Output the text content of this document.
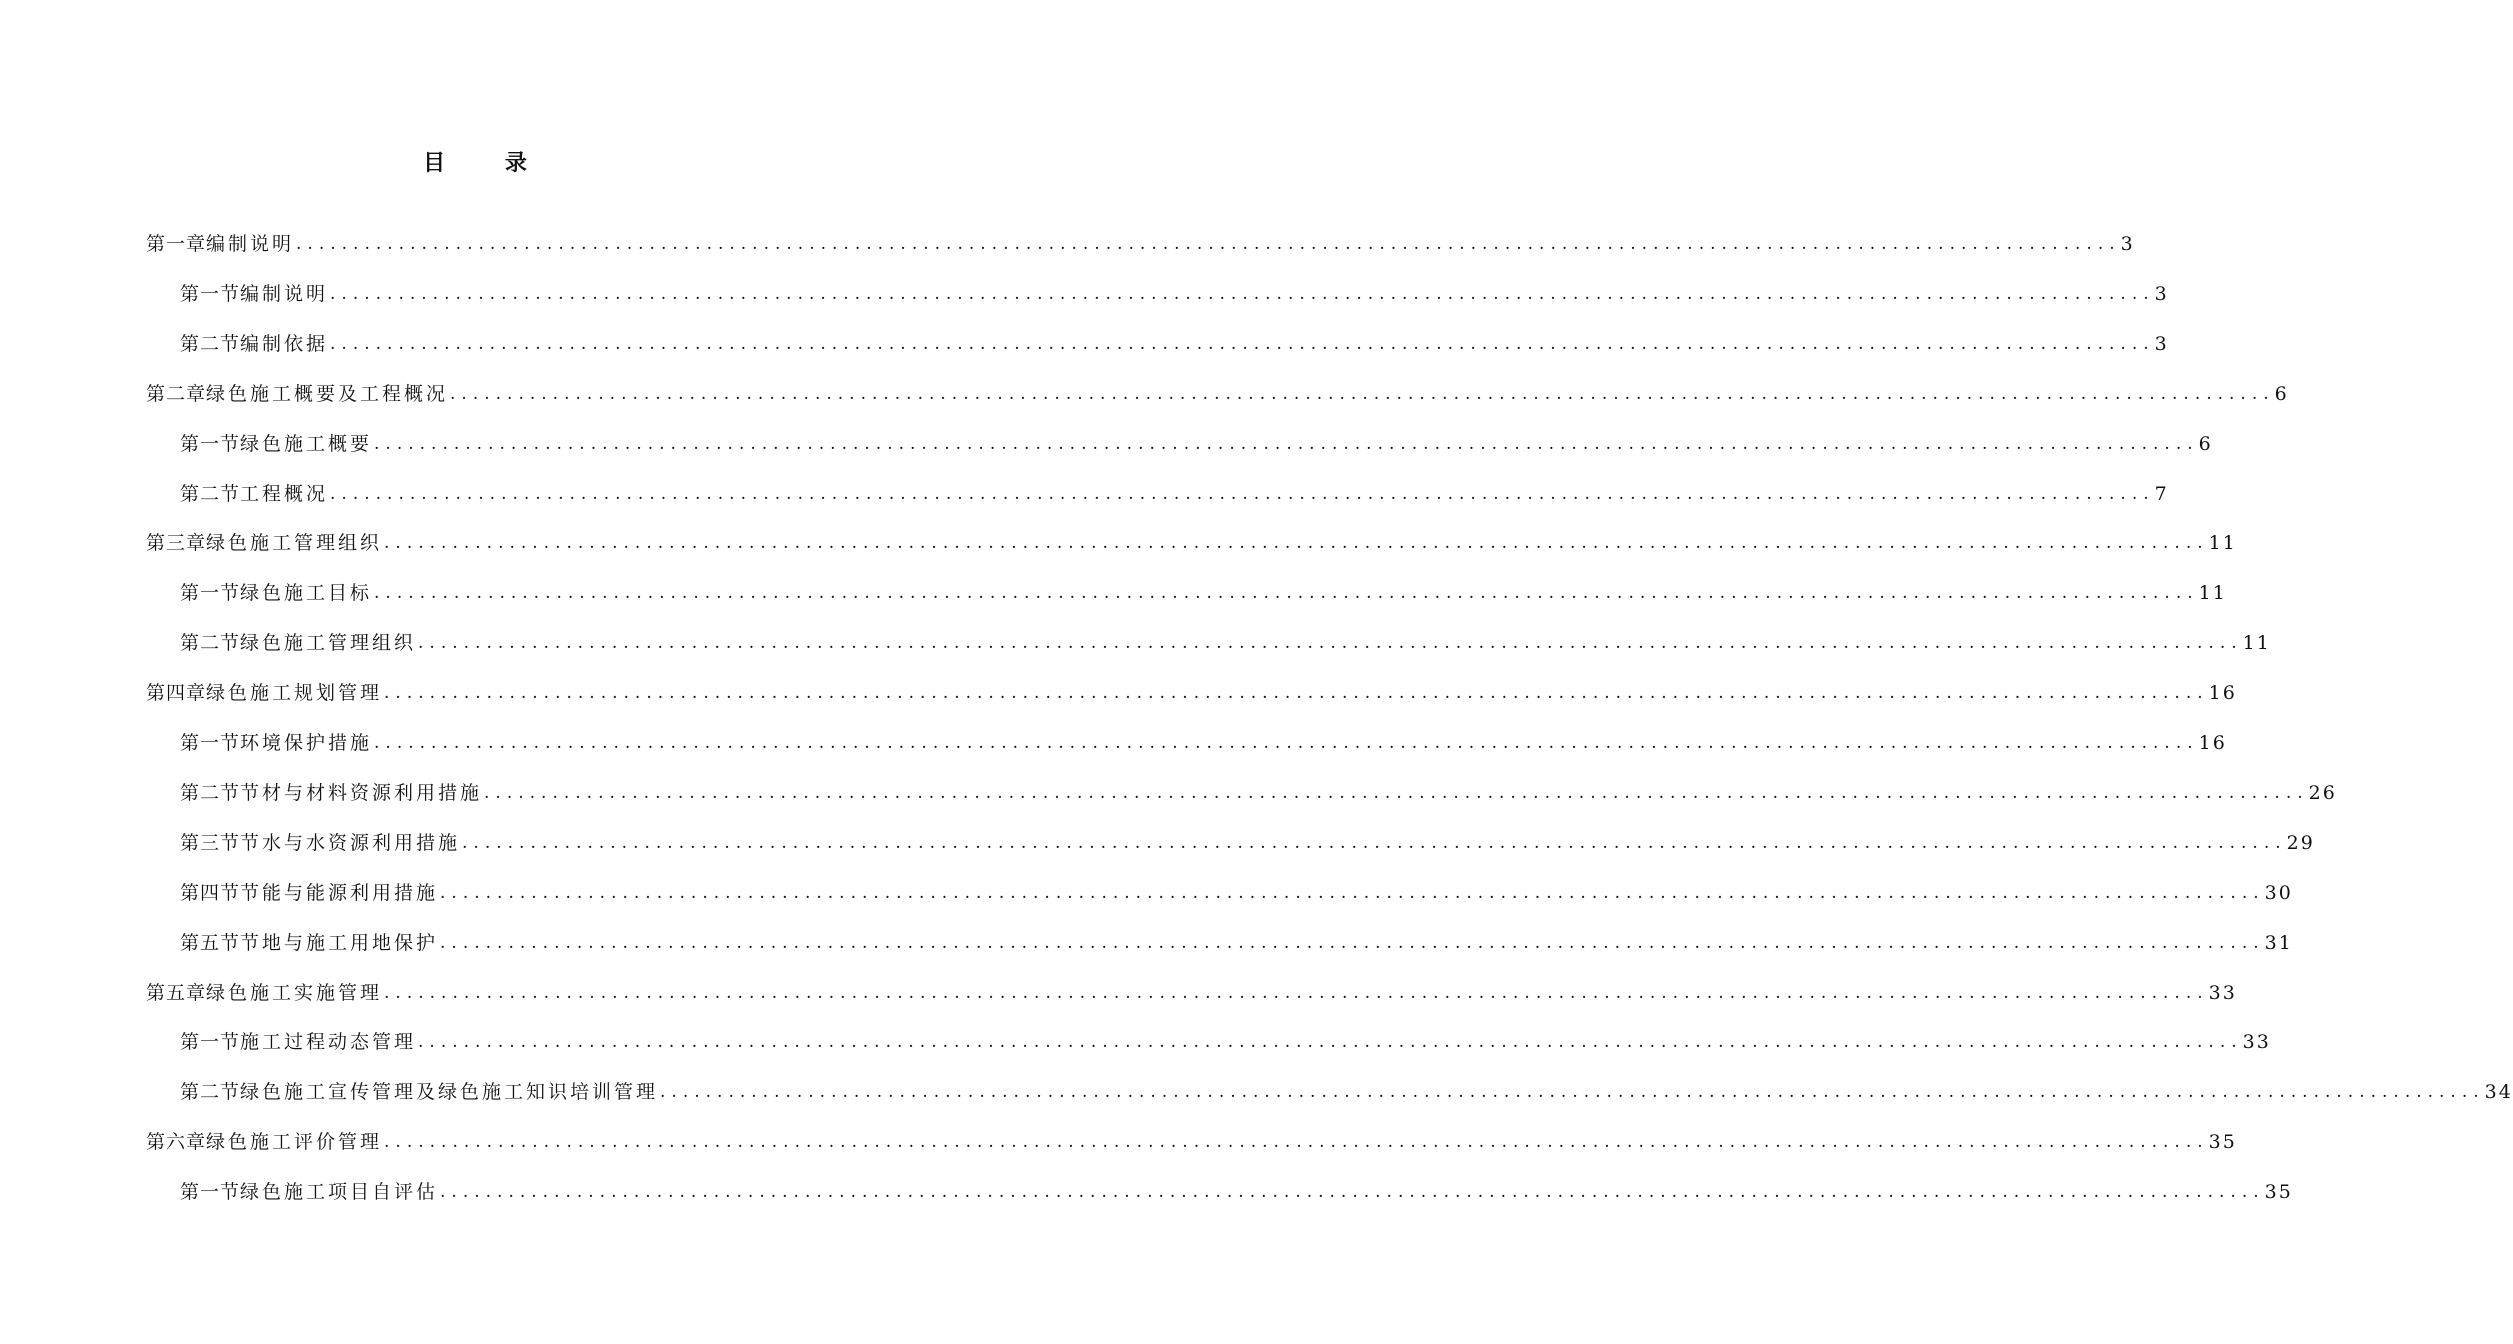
目 录
第一章 编制说明 ................................................................................................................................................................ 3
第一节 编制说明 ................................................................................................................................................................ 3
第二节 编制依据 ................................................................................................................................................................ 3
第二章 绿色施工概要及工程概况 ................................................................................................................................................................ 6
第一节 绿色施工概要 ................................................................................................................................................................ 6
第二节 工程概况 ................................................................................................................................................................ 7
第三章 绿色施工管理组织 ................................................................................................................................................................ 11
第一节 绿色施工目标 ................................................................................................................................................................ 11
第二节 绿色施工管理组织 ................................................................................................................................................................ 11
第四章 绿色施工规划管理 ................................................................................................................................................................ 16
第一节 环境保护措施 ................................................................................................................................................................ 16
第二节 节材与材料资源利用措施 ................................................................................................................................................................ 26
第三节 节水与水资源利用措施 ................................................................................................................................................................ 29
第四节 节能与能源利用措施 ................................................................................................................................................................ 30
第五节 节地与施工用地保护 ................................................................................................................................................................ 31
第五章 绿色施工实施管理 ................................................................................................................................................................ 33
第一节 施工过程动态管理 ................................................................................................................................................................ 33
第二节 绿色施工宣传管理及绿色施工知识培训管理 ................................................................................................................................................................ 34
第六章 绿色施工评价管理 ................................................................................................................................................................ 35
第一节 绿色施工项目自评估 ................................................................................................................................................................ 35
